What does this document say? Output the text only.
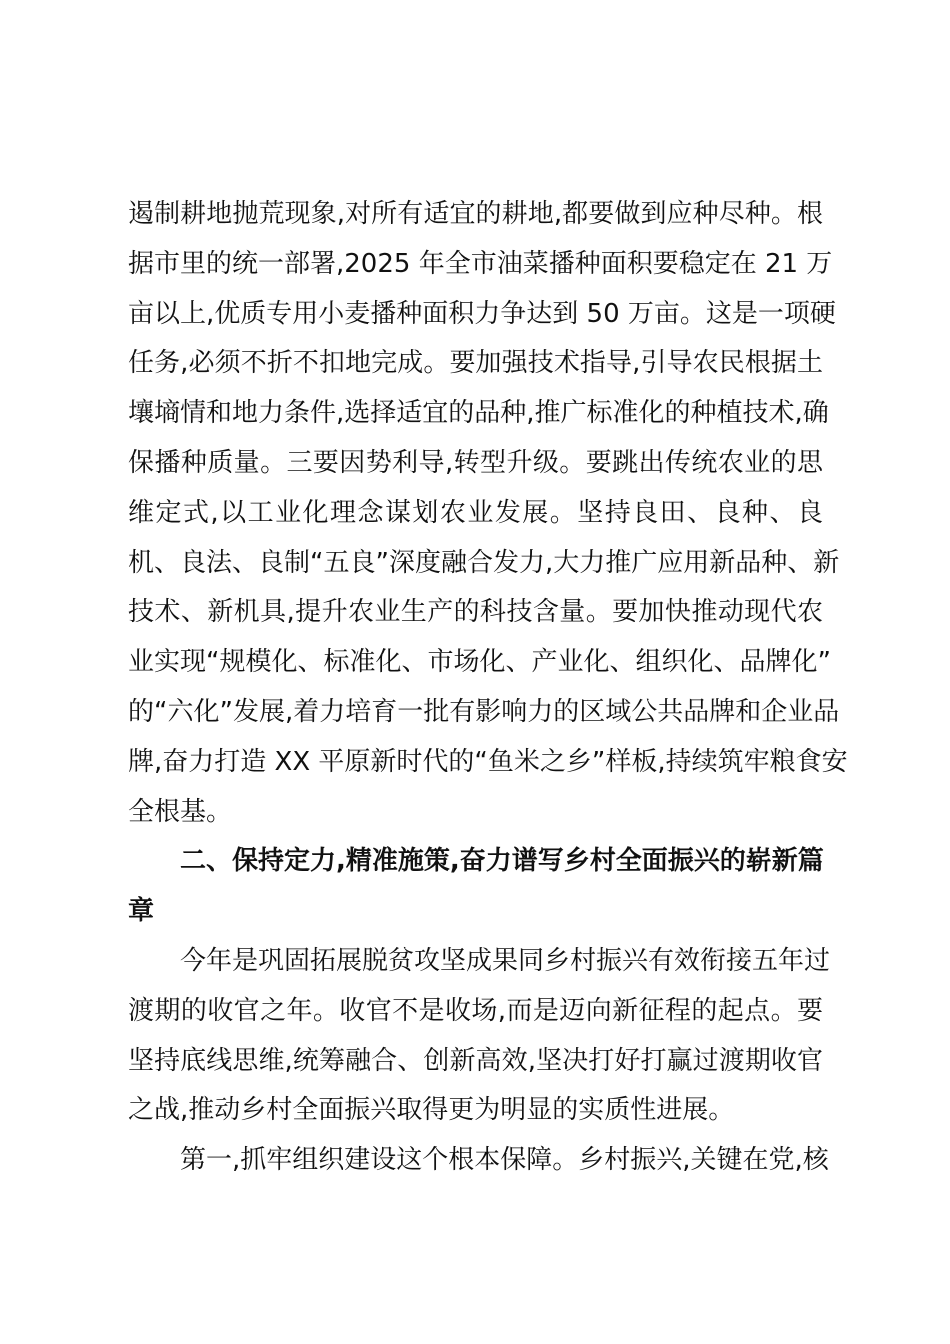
遏制耕地抛荒现象,对所有适宜的耕地,都要做到应种尽种。根
据市里的统一部署,2025 年全市油菜播种面积要稳定在 21 万
亩以上,优质专用小麦播种面积力争达到 50 万亩。这是一项硬
任务,必须不折不扣地完成。要加强技术指导,引导农民根据土
壤墒情和地力条件,选择适宜的品种,推广标准化的种植技术,确
保播种质量。三要因势利导,转型升级。要跳出传统农业的思
维定式,以工业化理念谋划农业发展。坚持良田、良种、良
机、良法、良制“五良”深度融合发力,大力推广应用新品种、新
技术、新机具,提升农业生产的科技含量。要加快推动现代农
业实现“规模化、标准化、市场化、产业化、组织化、品牌化”
的“六化”发展,着力培育一批有影响力的区域公共品牌和企业品
牌,奋力打造 XX 平原新时代的“鱼米之乡”样板,持续筑牢粮食安
全根基。
二、保持定力,精准施策,奋力谱写乡村全面振兴的崭新篇
章
今年是巩固拓展脱贫攻坚成果同乡村振兴有效衔接五年过
渡期的收官之年。收官不是收场,而是迈向新征程的起点。要
坚持底线思维,统筹融合、创新高效,坚决打好打赢过渡期收官
之战,推动乡村全面振兴取得更为明显的实质性进展。
第一,抓牢组织建设这个根本保障。乡村振兴,关键在党,核
